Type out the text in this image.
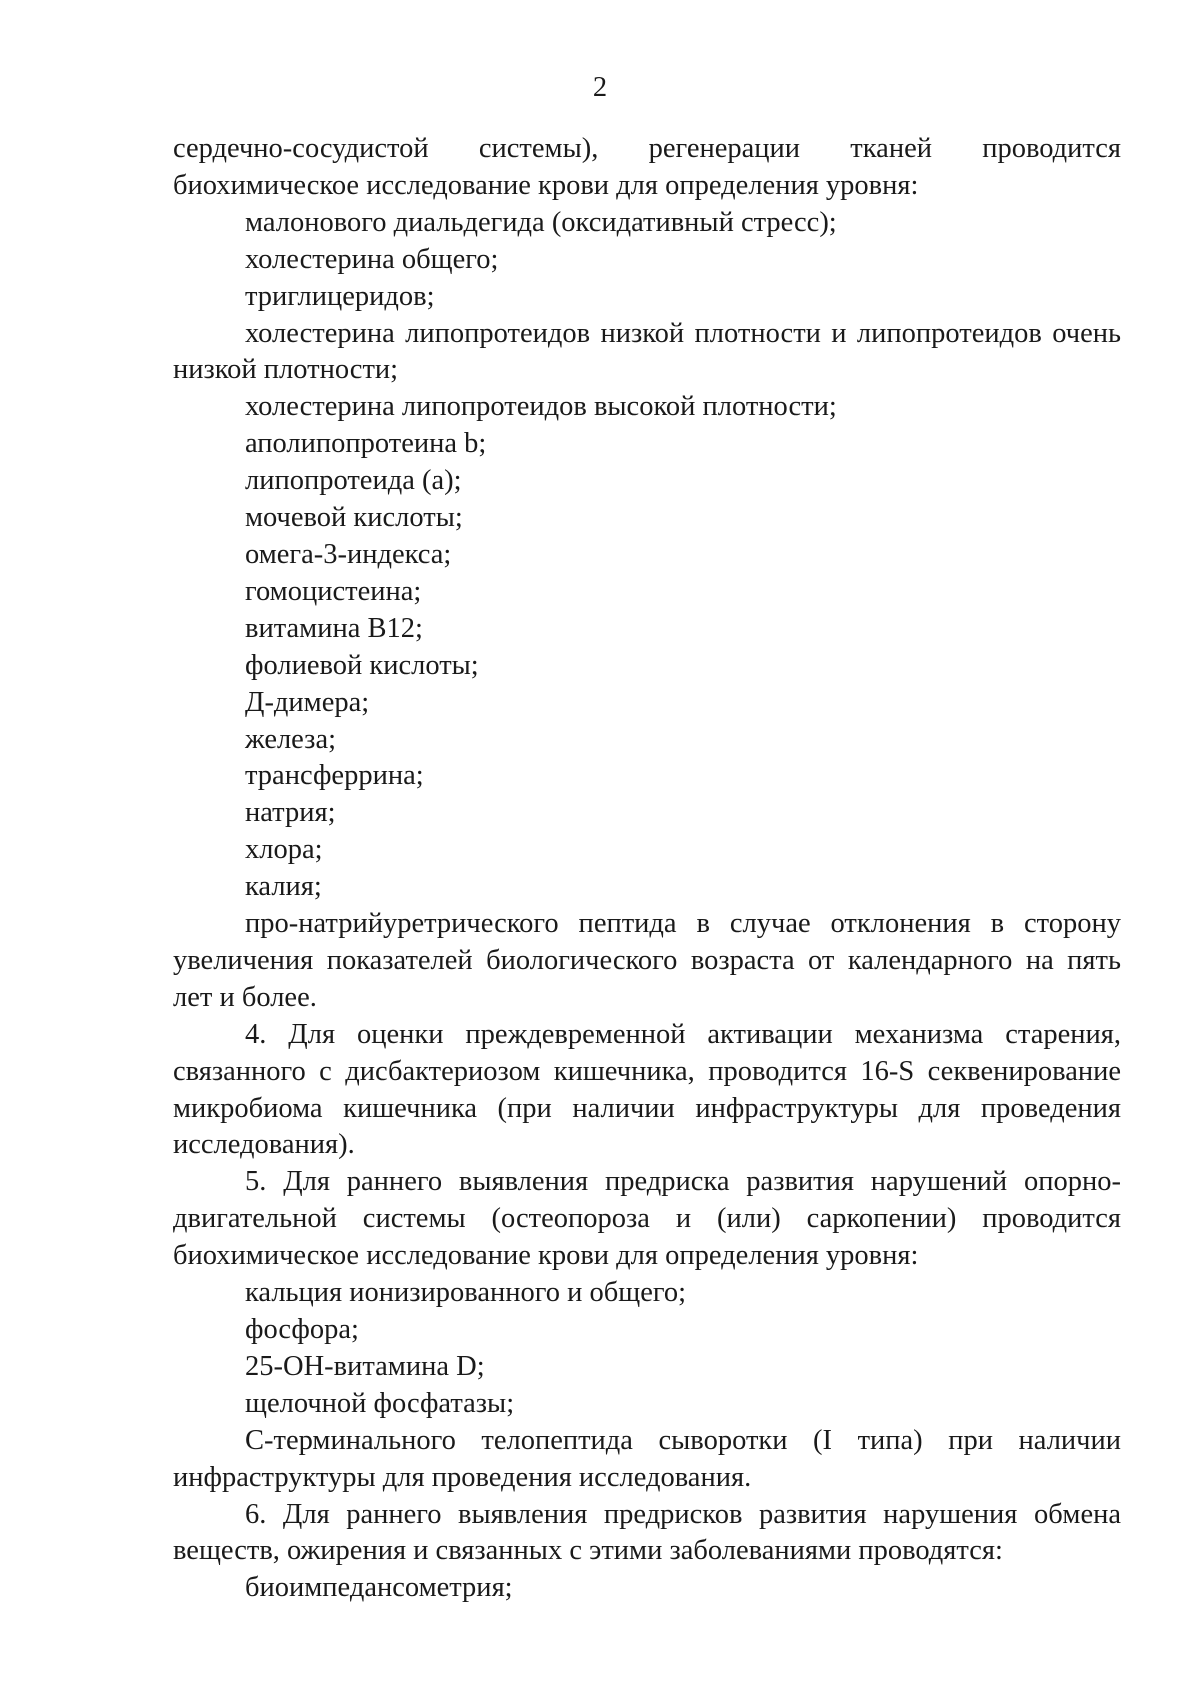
2

сердечно-сосудистой системы), регенерации тканей проводится биохимическое исследование крови для определения уровня:

малонового диальдегида (оксидативный стресс);

холестерина общего;

триглицеридов;

холестерина липопротеидов низкой плотности и липопротеидов очень низкой плотности;

холестерина липопротеидов высокой плотности;

аполипопротеина b;

липопротеида (а);

мочевой кислоты;

омега-3-индекса;

гомоцистеина;

витамина B12;

фолиевой кислоты;

Д-димера;

железа;

трансферрина;

натрия;

хлора;

калия;

про-натрийуретрического пептида в случае отклонения в сторону увеличения показателей биологического возраста от календарного на пять лет и более.

4. Для оценки преждевременной активации механизма старения, связанного с дисбактериозом кишечника, проводится 16-S секвенирование микробиома кишечника (при наличии инфраструктуры для проведения исследования).

5. Для раннего выявления предриска развития нарушений опорно-двигательной системы (остеопороза и (или) саркопении) проводится биохимическое исследование крови для определения уровня:

кальция ионизированного и общего;

фосфора;

25-OH-витамина D;

щелочной фосфатазы;

С-терминального телопептида сыворотки (I типа) при наличии инфраструктуры для проведения исследования.

6. Для раннего выявления предрисков развития нарушения обмена веществ, ожирения и связанных с этими заболеваниями проводятся:

биоимпедансометрия;
